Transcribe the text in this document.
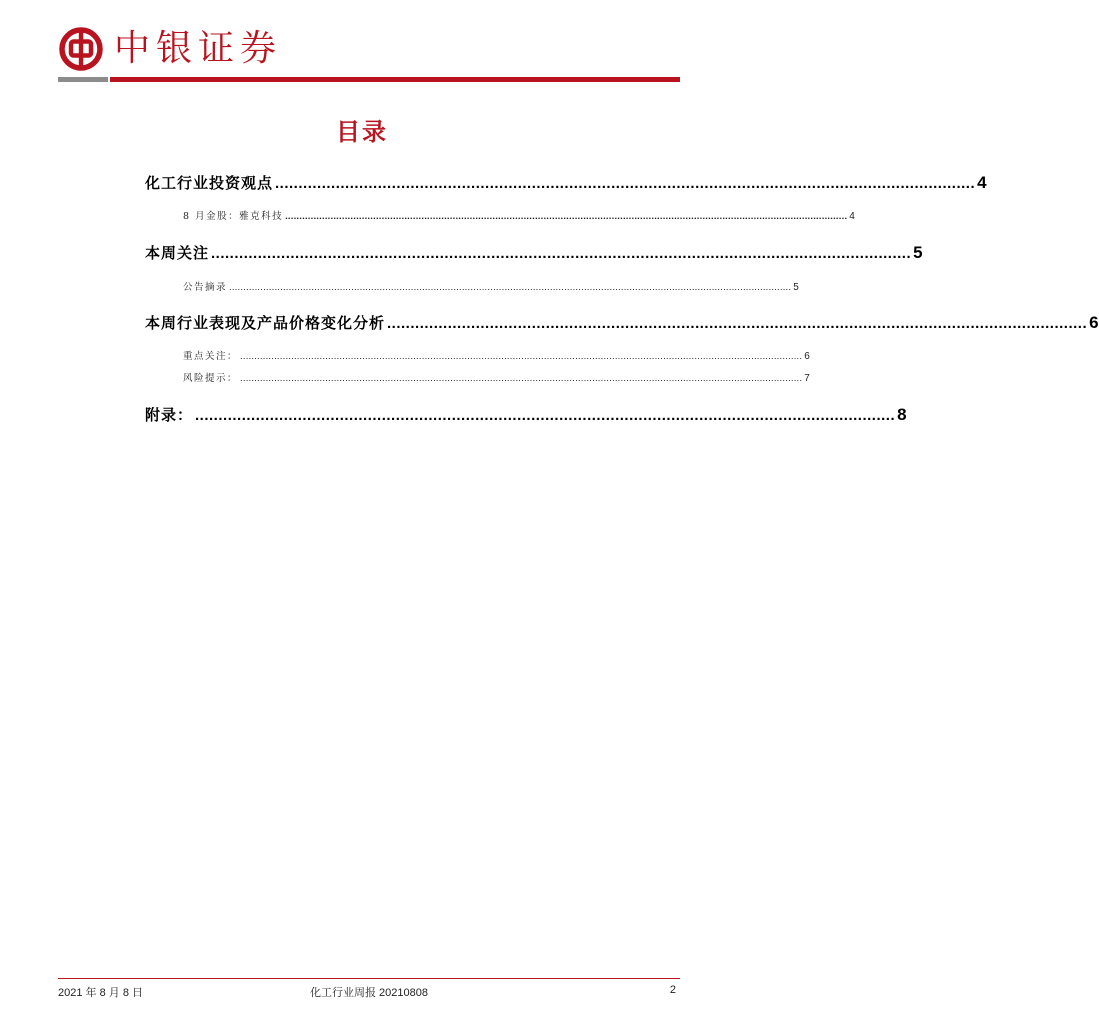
中银证券
目录
化工行业投资观点 ...................................................................................................................................................... 4
8 月金股：雅克科技 ...................................................................................................................................................................................................... 4
本周关注 ...................................................................................................................................................... 5
公告摘录 ...................................................................................................................................................................................................... 5
本周行业表现及产品价格变化分析 ...................................................................................................................................................... 6
重点关注： ...................................................................................................................................................................................................... 6
风险提示： ...................................................................................................................................................................................................... 7
附录： ...................................................................................................................................................... 8
2021 年 8 月 8 日	化工行业周报 20210808	2
